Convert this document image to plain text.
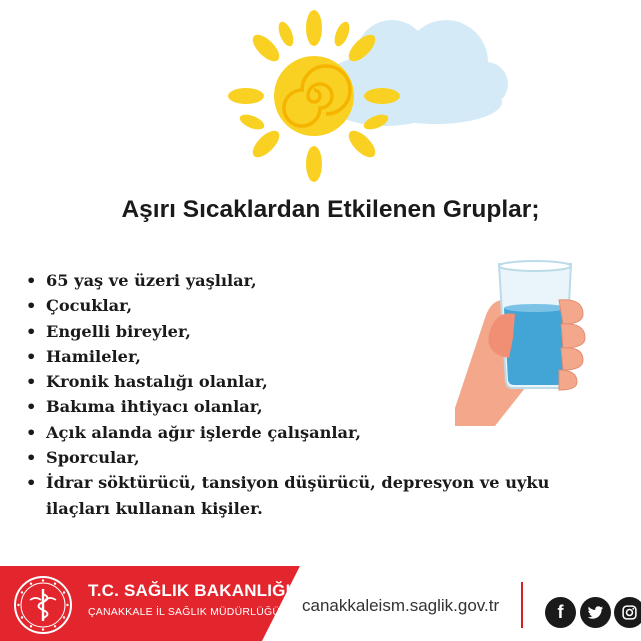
Aşırı Sıcaklardan Etkilenen Gruplar;
• 65 yaş ve üzeri yaşlılar,
• Çocuklar,
• Engelli bireyler,
• Hamileler,
• Kronik hastalığı olanlar,
• Bakıma ihtiyacı olanlar,
• Açık alanda ağır işlerde çalışanlar,
• Sporcular,
• İdrar söktürücü, tansiyon düşürücü, depresyon ve uyku
ilaçları kullanan kişiler.
T.C. SAĞLIK BAKANLIĞI
ÇANAKKALE İL SAĞLIK MÜDÜRLÜĞÜ canakkaleism.saglik.gov.tr	f
